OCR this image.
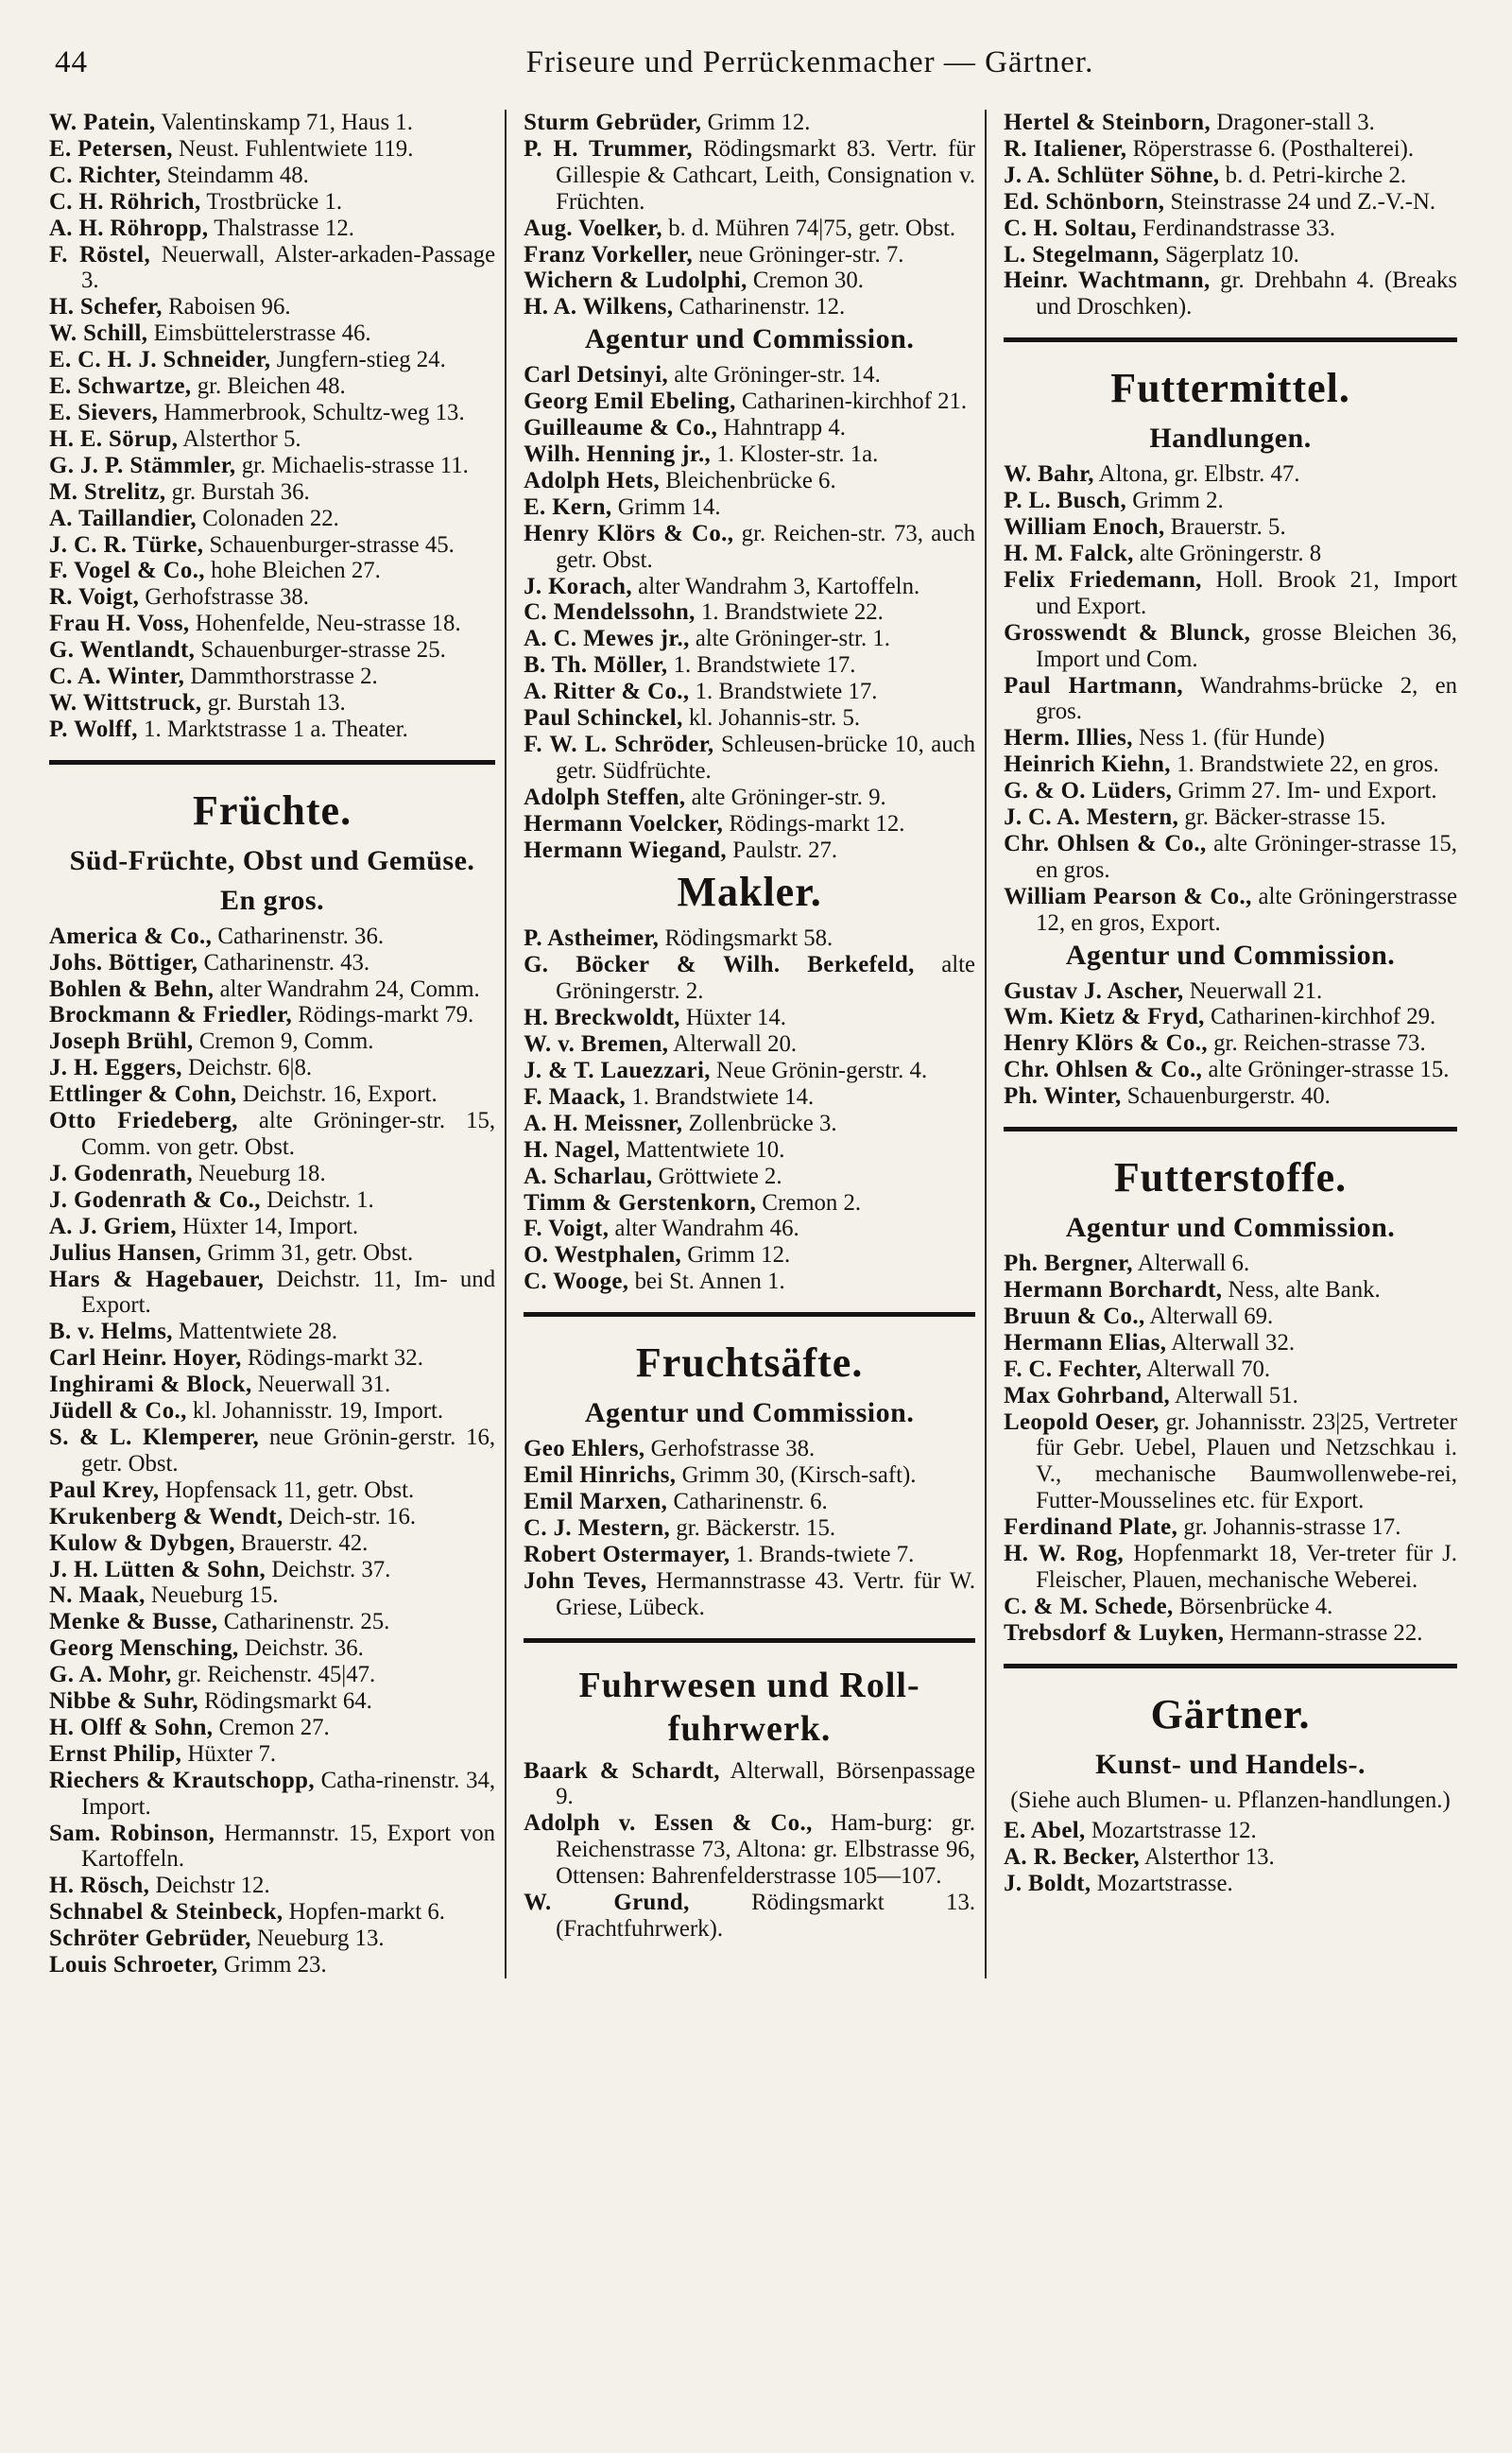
44	Friseure und Perrückenmacher — Gärtner.

W. Patein, Valentinskamp 71, Haus 1.

E. Petersen, Neust. Fuhlentwiete 119.

C. Richter, Steindamm 48.

C. H. Röhrich, Trostbrücke 1.

A. H. Röhropp, Thalstrasse 12.

F. Röstel, Neuerwall, Alster-arkaden-Passage 3.

H. Schefer, Raboisen 96.

W. Schill, Eimsbüttelerstrasse 46.

E. C. H. J. Schneider, Jungfern-stieg 24.

E. Schwartze, gr. Bleichen 48.

E. Sievers, Hammerbrook, Schultz-weg 13.

H. E. Sörup, Alsterthor 5.

G. J. P. Stämmler, gr. Michaelis-strasse 11.

M. Strelitz, gr. Burstah 36.

A. Taillandier, Colonaden 22.

J. C. R. Türke, Schauenburger-strasse 45.

F. Vogel & Co., hohe Bleichen 27.

R. Voigt, Gerhofstrasse 38.

Frau H. Voss, Hohenfelde, Neu-strasse 18.

G. Wentlandt, Schauenburger-strasse 25.

C. A. Winter, Dammthorstrasse 2.

W. Wittstruck, gr. Burstah 13.

P. Wolff, 1. Marktstrasse 1 a. Theater.

Früchte.
Süd-Früchte, Obst und Gemüse.
En gros.

America & Co., Catharinenstr. 36.

Johs. Böttiger, Catharinenstr. 43.

Bohlen & Behn, alter Wandrahm 24, Comm.

Brockmann & Friedler, Rödings-markt 79.

Joseph Brühl, Cremon 9, Comm.

J. H. Eggers, Deichstr. 6|8.

Ettlinger & Cohn, Deichstr. 16, Export.

Otto Friedeberg, alte Gröninger-str. 15, Comm. von getr. Obst.

J. Godenrath, Neueburg 18.

J. Godenrath & Co., Deichstr. 1.

A. J. Griem, Hüxter 14, Import.

Julius Hansen, Grimm 31, getr. Obst.

Hars & Hagebauer, Deichstr. 11, Im- und Export.

B. v. Helms, Mattentwiete 28.

Carl Heinr. Hoyer, Rödings-markt 32.

Inghirami & Block, Neuerwall 31.

Jüdell & Co., kl. Johannisstr. 19, Import.

S. & L. Klemperer, neue Grönin-gerstr. 16, getr. Obst.

Paul Krey, Hopfensack 11, getr. Obst.

Krukenberg & Wendt, Deich-str. 16.

Kulow & Dybgen, Brauerstr. 42.

J. H. Lütten & Sohn, Deichstr. 37.

N. Maak, Neueburg 15.

Menke & Busse, Catharinenstr. 25.

Georg Mensching, Deichstr. 36.

G. A. Mohr, gr. Reichenstr. 45|47.

Nibbe & Suhr, Rödingsmarkt 64.

H. Olff & Sohn, Cremon 27.

Ernst Philip, Hüxter 7.

Riechers & Krautschopp, Catha-rinenstr. 34, Import.

Sam. Robinson, Hermannstr. 15, Export von Kartoffeln.

H. Rösch, Deichstr 12.

Schnabel & Steinbeck, Hopfen-markt 6.

Schröter Gebrüder, Neueburg 13.

Louis Schroeter, Grimm 23.

Sturm Gebrüder, Grimm 12.

P. H. Trummer, Rödingsmarkt 83. Vertr. für Gillespie & Cathcart, Leith, Consignation v. Früchten.

Aug. Voelker, b. d. Mühren 74|75, getr. Obst.

Franz Vorkeller, neue Gröninger-str. 7.

Wichern & Ludolphi, Cremon 30.

H. A. Wilkens, Catharinenstr. 12.

Agentur und Commission.

Carl Detsinyi, alte Gröninger-str. 14.

Georg Emil Ebeling, Catharinen-kirchhof 21.

Guilleaume & Co., Hahntrapp 4.

Wilh. Henning jr., 1. Kloster-str. 1a.

Adolph Hets, Bleichenbrücke 6.

E. Kern, Grimm 14.

Henry Klörs & Co., gr. Reichen-str. 73, auch getr. Obst.

J. Korach, alter Wandrahm 3, Kartoffeln.

C. Mendelssohn, 1. Brandstwiete 22.

A. C. Mewes jr., alte Gröninger-str. 1.

B. Th. Möller, 1. Brandstwiete 17.

A. Ritter & Co., 1. Brandstwiete 17.

Paul Schinckel, kl. Johannis-str. 5.

F. W. L. Schröder, Schleusen-brücke 10, auch getr. Südfrüchte.

Adolph Steffen, alte Gröninger-str. 9.

Hermann Voelcker, Rödings-markt 12.

Hermann Wiegand, Paulstr. 27.

Makler.

P. Astheimer, Rödingsmarkt 58.

G. Böcker & Wilh. Berkefeld, alte Gröningerstr. 2.

H. Breckwoldt, Hüxter 14.

W. v. Bremen, Alterwall 20.

J. & T. Lauezzari, Neue Grönin-gerstr. 4.

F. Maack, 1. Brandstwiete 14.

A. H. Meissner, Zollenbrücke 3.

H. Nagel, Mattentwiete 10.

A. Scharlau, Gröttwiete 2.

Timm & Gerstenkorn, Cremon 2.

F. Voigt, alter Wandrahm 46.

O. Westphalen, Grimm 12.

C. Wooge, bei St. Annen 1.

Fruchtsäfte.
Agentur und Commission.

Geo Ehlers, Gerhofstrasse 38.

Emil Hinrichs, Grimm 30, (Kirsch-saft).

Emil Marxen, Catharinenstr. 6.

C. J. Mestern, gr. Bäckerstr. 15.

Robert Ostermayer, 1. Brands-twiete 7.

John Teves, Hermannstrasse 43. Vertr. für W. Griese, Lübeck.

Fuhrwesen und Roll-fuhrwerk.

Baark & Schardt, Alterwall, Börsenpassage 9.

Adolph v. Essen & Co., Ham-burg: gr. Reichenstrasse 73, Altona: gr. Elbstrasse 96, Ottensen: Bahrenfelderstrasse 105—107.

W. Grund, Rödingsmarkt 13. (Frachtfuhrwerk).

Hertel & Steinborn, Dragoner-stall 3.

R. Italiener, Röperstrasse 6. (Posthalterei).

J. A. Schlüter Söhne, b. d. Petri-kirche 2.

Ed. Schönborn, Steinstrasse 24 und Z.-V.-N.

C. H. Soltau, Ferdinandstrasse 33.

L. Stegelmann, Sägerplatz 10.

Heinr. Wachtmann, gr. Drehbahn 4. (Breaks und Droschken).

Futtermittel.
Handlungen.

W. Bahr, Altona, gr. Elbstr. 47.

P. L. Busch, Grimm 2.

William Enoch, Brauerstr. 5.

H. M. Falck, alte Gröningerstr. 8

Felix Friedemann, Holl. Brook 21, Import und Export.

Grosswendt & Blunck, grosse Bleichen 36, Import und Com.

Paul Hartmann, Wandrahms-brücke 2, en gros.

Herm. Illies, Ness 1. (für Hunde)

Heinrich Kiehn, 1. Brandstwiete 22, en gros.

G. & O. Lüders, Grimm 27. Im- und Export.

J. C. A. Mestern, gr. Bäcker-strasse 15.

Chr. Ohlsen & Co., alte Gröninger-strasse 15, en gros.

William Pearson & Co., alte Gröningerstrasse 12, en gros, Export.

Agentur und Commission.

Gustav J. Ascher, Neuerwall 21.

Wm. Kietz & Fryd, Catharinen-kirchhof 29.

Henry Klörs & Co., gr. Reichen-strasse 73.

Chr. Ohlsen & Co., alte Gröninger-strasse 15.

Ph. Winter, Schauenburgerstr. 40.

Futterstoffe.
Agentur und Commission.

Ph. Bergner, Alterwall 6.

Hermann Borchardt, Ness, alte Bank.

Bruun & Co., Alterwall 69.

Hermann Elias, Alterwall 32.

F. C. Fechter, Alterwall 70.

Max Gohrband, Alterwall 51.

Leopold Oeser, gr. Johannisstr. 23|25, Vertreter für Gebr. Uebel, Plauen und Netzschkau i. V., mechanische Baumwollenwebe-rei, Futter-Mousselines etc. für Export.

Ferdinand Plate, gr. Johannis-strasse 17.

H. W. Rog, Hopfenmarkt 18, Ver-treter für J. Fleischer, Plauen, mechanische Weberei.

C. & M. Schede, Börsenbrücke 4.

Trebsdorf & Luyken, Hermann-strasse 22.

Gärtner.
Kunst- und Handels-.
(Siehe auch Blumen- u. Pflanzen-handlungen.)

E. Abel, Mozartstrasse 12.

A. R. Becker, Alsterthor 13.

J. Boldt, Mozartstrasse.
